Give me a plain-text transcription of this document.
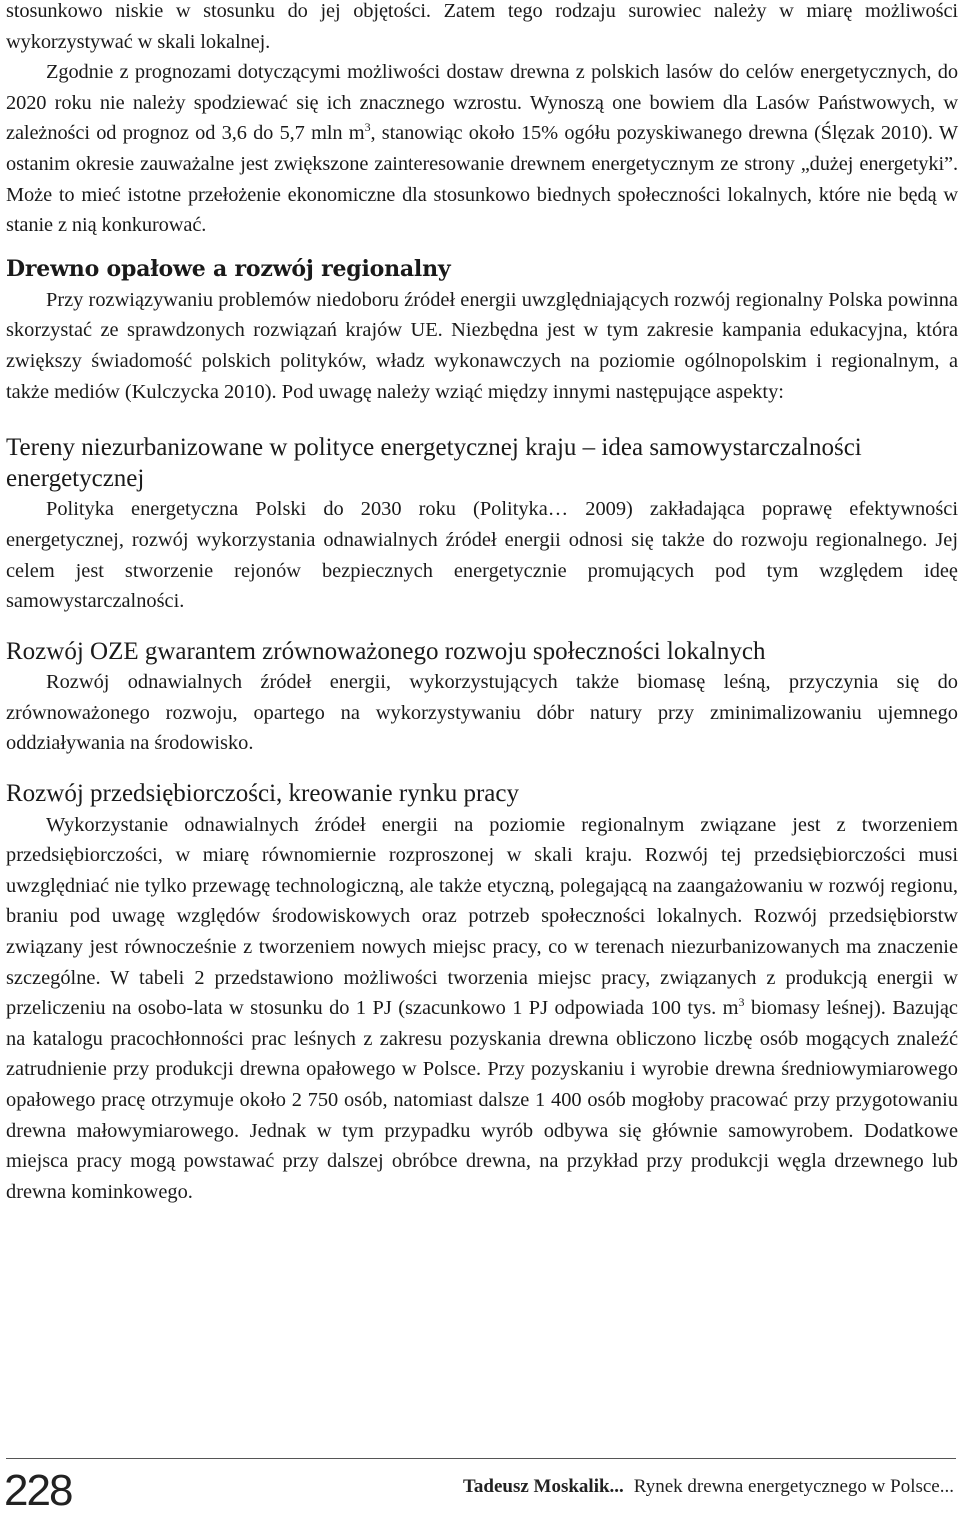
stosunkowo niskie w stosunku do jej objętości. Zatem tego rodzaju surowiec należy w miarę możliwości wykorzystywać w skali lokalnej.

Zgodnie z prognozami dotyczącymi możliwości dostaw drewna z polskich lasów do celów energetycznych, do 2020 roku nie należy spodziewać się ich znacznego wzrostu. Wynoszą one bowiem dla Lasów Państwowych, w zależności od prognoz od 3,6 do 5,7 mln $m^3$, stanowiąc około 15% ogółu pozyskiwanego drewna (Ślęzak 2010). W ostanim okresie zauważalne jest zwiększone zainteresowanie drewnem energetycznym ze strony „dużej energetyki”. Może to mieć istotne przełożenie ekonomiczne dla stosunkowo biednych społeczności lokalnych, które nie będą w stanie z nią konkurować.

Drewno opałowe a rozwój regionalny

Przy rozwiązywaniu problemów niedoboru źródeł energii uwzględniających rozwój regionalny Polska powinna skorzystać ze sprawdzonych rozwiązań krajów UE. Niezbędna jest w tym zakresie kampania edukacyjna, która zwiększy świadomość polskich polityków, władz wykonawczych na poziomie ogólnopolskim i regionalnym, a także mediów (Kulczycka 2010). Pod uwagę należy wziąć między innymi następujące aspekty:

Tereny niezurbanizowane w polityce energetycznej kraju – idea samowystarczalności energetycznej

Polityka energetyczna Polski do 2030 roku (Polityka… 2009) zakładająca poprawę efektywności energetycznej, rozwój wykorzystania odnawialnych źródeł energii odnosi się także do rozwoju regionalnego. Jej celem jest stworzenie rejonów bezpiecznych energetycznie promujących pod tym względem ideę samowystarczalności.

Rozwój OZE gwarantem zrównoważonego rozwoju społeczności lokalnych

Rozwój odnawialnych źródeł energii, wykorzystujących także biomasę leśną, przyczynia się do zrównoważonego rozwoju, opartego na wykorzystywaniu dóbr natury przy zminimalizowaniu ujemnego oddziaływania na środowisko.

Rozwój przedsiębiorczości, kreowanie rynku pracy

Wykorzystanie odnawialnych źródeł energii na poziomie regionalnym związane jest z tworzeniem przedsiębiorczości, w miarę równomiernie rozproszonej w skali kraju. Rozwój tej przedsiębiorczości musi uwzględniać nie tylko przewagę technologiczną, ale także etyczną, polegającą na zaangażowaniu w rozwój regionu, braniu pod uwagę względów środowiskowych oraz potrzeb społeczności lokalnych. Rozwój przedsiębiorstw związany jest równocześnie z tworzeniem nowych miejsc pracy, co w terenach niezurbanizowanych ma znaczenie szczególne. W tabeli 2 przedstawiono możliwości tworzenia miejsc pracy, związanych z produkcją energii w przeliczeniu na osobo-lata w stosunku do 1 PJ (szacunkowo 1 PJ odpowiada 100 tys. $m^3$ biomasy leśnej). Bazując na katalogu pracochłonności prac leśnych z zakresu pozyskania drewna obliczono liczbę osób mogących znaleźć zatrudnienie przy produkcji drewna opałowego w Polsce. Przy pozyskaniu i wyrobie drewna średniowymiarowego opałowego pracę otrzymuje około 2 750 osób, natomiast dalsze 1 400 osób mogłoby pracować przy przygotowaniu drewna małowymiarowego. Jednak w tym przypadku wyrób odbywa się głównie samowyrobem. Dodatkowe miejsca pracy mogą powstawać przy dalszej obróbce drewna, na przykład przy produkcji węgla drzewnego lub drewna kominkowego.

228	Tadeusz Moskalik... Rynek drewna energetycznego w Polsce...
